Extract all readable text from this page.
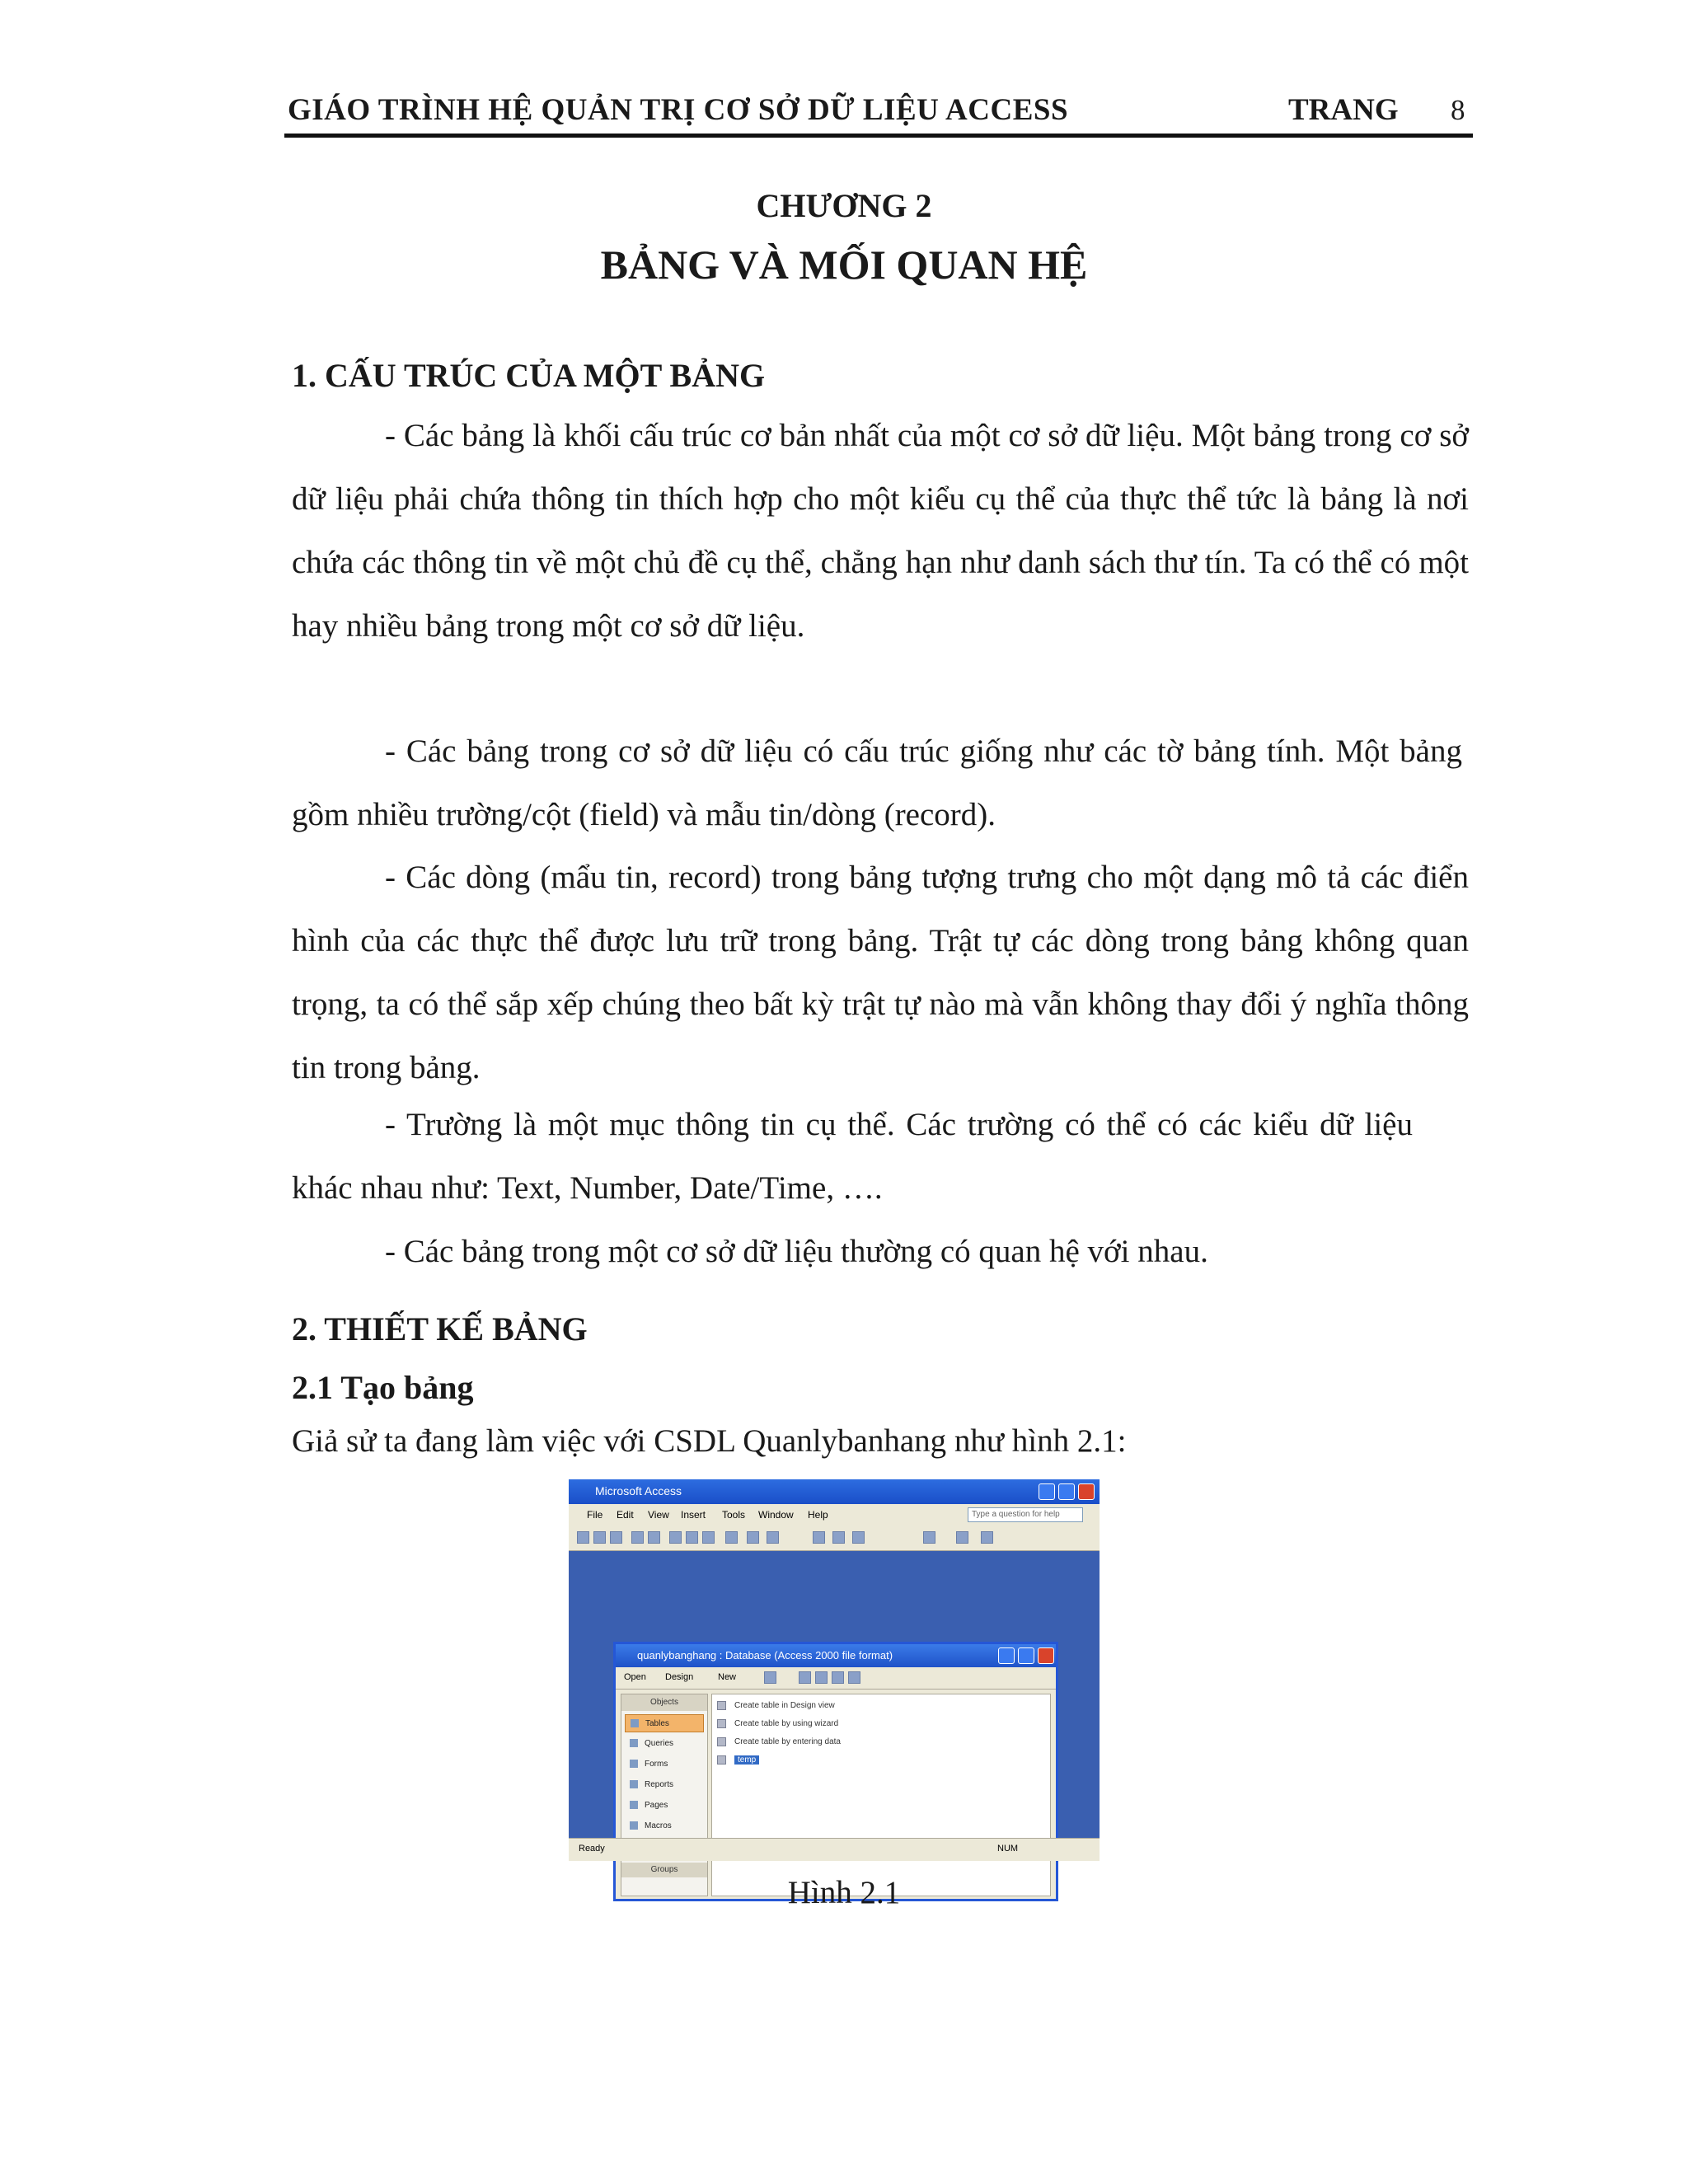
GIÁO TRÌNH HỆ QUẢN TRỊ CƠ SỞ DỮ LIỆU ACCESS	TRANG 8
CHƯƠNG 2
BẢNG VÀ MỐI QUAN HỆ
1. CẤU TRÚC CỦA MỘT BẢNG
- Các bảng là khối cấu trúc cơ bản nhất của một cơ sở dữ liệu. Một bảng trong cơ sở dữ liệu phải chứa thông tin thích hợp cho một kiểu cụ thể của thực thể tức là bảng là nơi chứa các thông tin về một chủ đề cụ thể, chẳng hạn như danh sách thư tín. Ta có thể có một hay nhiều bảng trong một cơ sở dữ liệu.
- Các bảng trong cơ sở dữ liệu có cấu trúc giống như các tờ bảng tính. Một bảng gồm nhiều trường/cột (field) và mẫu tin/dòng (record).
- Các dòng (mẩu tin, record) trong bảng tượng trưng cho một dạng mô tả các điển hình của các thực thể được lưu trữ trong bảng. Trật tự các dòng trong bảng không quan trọng, ta có thể sắp xếp chúng theo bất kỳ trật tự nào mà vẫn không thay đổi ý nghĩa thông tin trong bảng.
- Trường là một mục thông tin cụ thể. Các trường có thể có các kiểu dữ liệu khác nhau như: Text, Number, Date/Time, ….
- Các bảng trong một cơ sở dữ liệu thường có quan hệ với nhau.
2. THIẾT KẾ BẢNG
2.1 Tạo bảng
Giả sử ta đang làm việc với CSDL Quanlybanhang như hình 2.1:
Microsoft Access
File Edit View Insert Tools Window Help	Type a question for help
quanlybanghang : Database (Access 2000 file format)
Open Design	New
Objects
Tables
Queries
Forms
Reports
Pages
Macros
Groups
Create table in Design view
Create table by using wizard
Create table by entering data
temp
Ready	NUM
Hình 2.1
